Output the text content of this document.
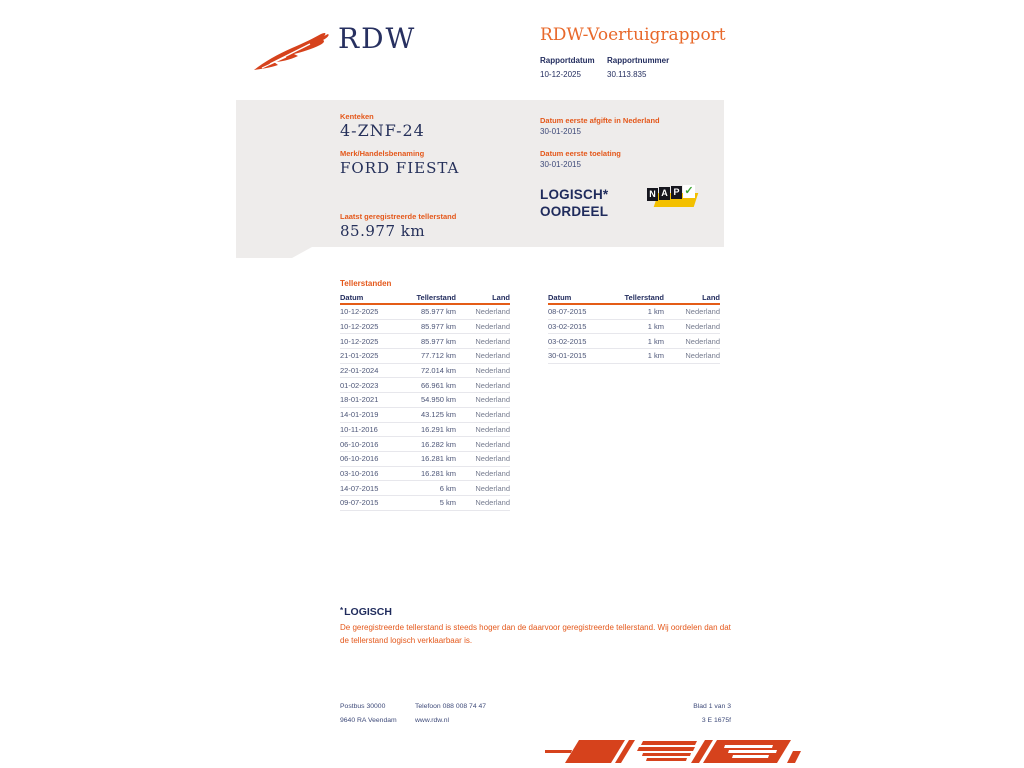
RDW	RDW-Voertuigrapport
Rapportdatum
10-12-2025
Rapportnummer
30.113.835
Kenteken
4-ZNF-24
Merk/Handelsbenaming
FORD FIESTA
Laatst geregistreerde tellerstand
85.977 km
Datum eerste afgifte in Nederland
30-01-2015
Datum eerste toelating
30-01-2015
LOGISCH*
OORDEEL
N A P ✓
Tellerstanden
Datum	Tellerstand	Land
10-12-2025	85.977 km	Nederland
10-12-2025	85.977 km	Nederland
10-12-2025	85.977 km	Nederland
21-01-2025	77.712 km	Nederland
22-01-2024	72.014 km	Nederland
01-02-2023	66.961 km	Nederland
18-01-2021	54.950 km	Nederland
14-01-2019	43.125 km	Nederland
10-11-2016	16.291 km	Nederland
06-10-2016	16.282 km	Nederland
06-10-2016	16.281 km	Nederland
03-10-2016	16.281 km	Nederland
14-07-2015	6 km	Nederland
09-07-2015	5 km	Nederland
Datum	Tellerstand	Land
08-07-2015	1 km	Nederland
03-02-2015	1 km	Nederland
03-02-2015	1 km	Nederland
30-01-2015	1 km	Nederland
*LOGISCH
De geregistreerde tellerstand is steeds hoger dan de daarvoor geregistreerde tellerstand. Wij oordelen dan dat de tellerstand logisch verklaarbaar is.
Postbus 30000
9640 RA Veendam
Telefoon 088 008 74 47
www.rdw.nl
Blad 1 van 3
3 E 1675f
